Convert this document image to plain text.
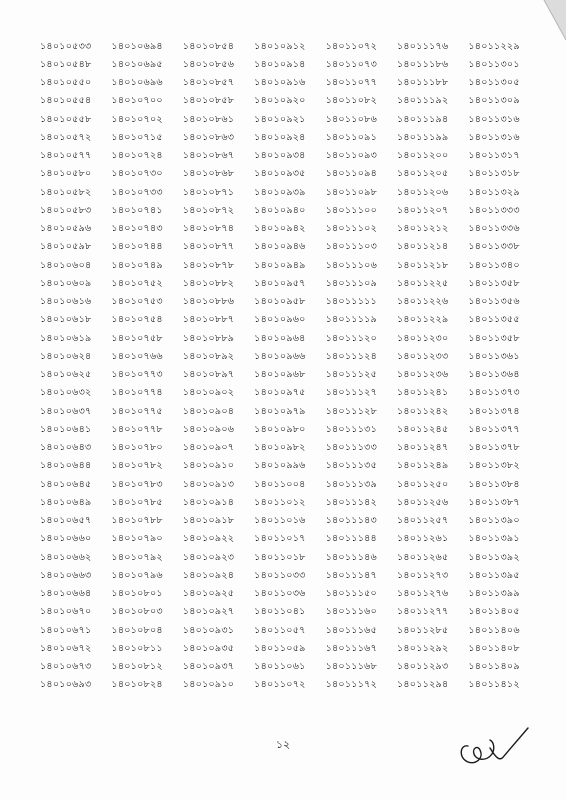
১৪০১০৫৩৩	১৪০১০৬৯৪	১৪০১০৮৫৪	১৪০১০৯১২	১৪০১১০৭২	১৪০১১১৭৬	১৪০১১২২৯
১৪০১০৫৪৮	১৪০১০৬৯৫	১৪০১০৮৫৬	১৪০১০৯১৪	১৪০১১০৭৩	১৪০১১১৮৬	১৪০১১৩০১
১৪০১০৫৫০	১৪০১০৬৯৬	১৪০১০৮৫৭	১৪০১০৯১৬	১৪০১১০৭৭	১৪০১১১৮৮	১৪০১১৩০৫
১৪০১০৫৫৪	১৪০১০৭০০	১৪০১০৮৫৮	১৪০১০৯২০	১৪০১১০৮২	১৪০১১১৯২	১৪০১১৩০৯
১৪০১০৫৫৮	১৪০১০৭০২	১৪০১০৮৬১	১৪০১০৯২১	১৪০১১০৮৬	১৪০১১১৯৪	১৪০১১৩১৬
১৪০১০৫৭২	১৪০১০৭১৫	১৪০১০৮৬৩	১৪০১০৯২৪	১৪০১১০৯১	১৪০১১১৯৯	১৪০১১৩১৬
১৪০১০৫৭৭	১৪০১০৭২৪	১৪০১০৮৬৭	১৪০১০৯৩৪	১৪০১১০৯৩	১৪০১১২০০	১৪০১১৩১৭
১৪০১০৫৮০	১৪০১০৭৩০	১৪০১০৮৬৮	১৪০১০৯৩৫	১৪০১১০৯৪	১৪০১১২০৫	১৪০১১৩১৮
১৪০১০৫৮২	১৪০১০৭৩৩	১৪০১০৮৭১	১৪০১০৯৩৯	১৪০১১০৯৮	১৪০১১২০৬	১৪০১১৩২৯
১৪০১০৫৮৩	১৪০১০৭৪১	১৪০১০৮৭২	১৪০১০৯৪০	১৪০১১১০০	১৪০১১২০৭	১৪০১১৩৩৩
১৪০১০৫৯৬	১৪০১০৭৪৩	১৪০১০৮৭৪	১৪০১০৯৪২	১৪০১১১০২	১৪০১১২১২	১৪০১১৩৩৬
১৪০১০৫৯৮	১৪০১০৭৪৪	১৪০১০৮৭৭	১৪০১০৯৪৬	১৪০১১১০৩	১৪০১১২১৪	১৪০১১৩৩৮
১৪০১০৬০৪	১৪০১০৭৪৯	১৪০১০৮৭৮	১৪০১০৯৪৯	১৪০১১১০৬	১৪০১১২১৮	১৪০১১৩৪০
১৪০১০৬০৯	১৪০১০৭৫২	১৪০১০৮৮২	১৪০১০৯৫৭	১৪০১১১০৯	১৪০১১২২৫	১৪০১১৩৫৮
১৪০১০৬১৬	১৪০১০৭৫৩	১৪০১০৮৮৬	১৪০১০৯৫৮	১৪০১১১১১	১৪০১১২২৬	১৪০১১৩৫৬
১৪০১০৬১৮	১৪০১০৭৫৪	১৪০১০৮৮৭	১৪০১০৯৬০	১৪০১১১১৯	১৪০১১২২৯	১৪০১১৩৫৫
১৪০১০৬১৯	১৪০১০৭৫৮	১৪০১০৮৮৯	১৪০১০৯৬৪	১৪০১১১২০	১৪০১১২৩০	১৪০১১৩৫৮
১৪০১০৬২৪	১৪০১০৭৬৬	১৪০১০৮৯২	১৪০১০৯৬৬	১৪০১১১২৪	১৪০১১২৩৩	১৪০১১৩৬১
১৪০১০৬২৫	১৪০১০৭৭৩	১৪০১০৮৯৭	১৪০১০৯৬৮	১৪০১১১২৫	১৪০১১২৩৬	১৪০১১৩৬৪
১৪০১০৬৩২	১৪০১০৭৭৪	১৪০১০৯০২	১৪০১০৯৭৫	১৪০১১১২৭	১৪০১১২৪১	১৪০১১৩৭৩
১৪০১০৬৩৭	১৪০১০৭৭৫	১৪০১০৯০৪	১৪০১০৯৭৯	১৪০১১১২৮	১৪০১১২৪২	১৪০১১৩৭৪
১৪০১০৬৪১	১৪০১০৭৭৮	১৪০১০৯০৬	১৪০১০৯৮০	১৪০১১১৩১	১৪০১১২৪৫	১৪০১১৩৭৭
১৪০১০৬৪৩	১৪০১০৭৮০	১৪০১০৯০৭	১৪০১০৯৮২	১৪০১১১৩৩	১৪০১১২৪৭	১৪০১১৩৭৮
১৪০১০৬৪৪	১৪০১০৭৮২	১৪০১০৯১০	১৪০১০৯৯৬	১৪০১১১৩৫	১৪০১১২৪৯	১৪০১১৩৮২
১৪০১০৬৪৫	১৪০১০৭৮৩	১৪০১০৯১৩	১৪০১১০০৪	১৪০১১১৩৯	১৪০১১২৫০	১৪০১১৩৮৪
১৪০১০৬৪৯	১৪০১০৭৮৫	১৪০১০৯১৪	১৪০১১০১২	১৪০১১১৪২	১৪০১১২৫৬	১৪০১১৩৮৭
১৪০১০৬৫৭	১৪০১০৭৮৮	১৪০১০৯১৮	১৪০১১০১৬	১৪০১১১৪৩	১৪০১১২৫৭	১৪০১১৩৯০
১৪০১০৬৬০	১৪০১০৭৯০	১৪০১০৯২২	১৪০১১০১৭	১৪০১১১৪৪	১৪০১১২৬১	১৪০১১৩৯১
১৪০১০৬৬২	১৪০১০৭৯২	১৪০১০৯২৩	১৪০১১০১৮	১৪০১১১৪৬	১৪০১১২৬৫	১৪০১১৩৯২
১৪০১০৬৬৩	১৪০১০৭৯৬	১৪০১০৯২৪	১৪০১১০৩৩	১৪০১১১৪৭	১৪০১১২৭৩	১৪০১১৩৯৫
১৪০১০৬৬৪	১৪০১০৮০১	১৪০১০৯২৫	১৪০১১০৩৬	১৪০১১১৫০	১৪০১১২৭৬	১৪০১১৩৯৯
১৪০১০৬৭০	১৪০১০৮০৩	১৪০১০৯২৭	১৪০১১০৪১	১৪০১১১৬০	১৪০১১২৭৭	১৪০১১৪০৫
১৪০১০৬৭১	১৪০১০৮০৪	১৪০১০৯৩১	১৪০১১০৫৭	১৪০১১১৬৫	১৪০১১২৮৫	১৪০১১৪০৬
১৪০১০৬৭২	১৪০১০৮১১	১৪০১০৯৩৫	১৪০১১০৫৯	১৪০১১১৬৭	১৪০১১২৯২	১৪০১১৪০৮
১৪০১০৬৭৩	১৪০১০৮১২	১৪০১০৯৩৭	১৪০১১০৬১	১৪০১১১৬৮	১৪০১১২৯৩	১৪০১১৪০৯
১৪০১০৬৯৩	১৪০১০৮২৪	১৪০১০৯১০	১৪০১১০৭২	১৪০১১১৭২	১৪০১১২৯৪	১৪০১১৪১২
১২
